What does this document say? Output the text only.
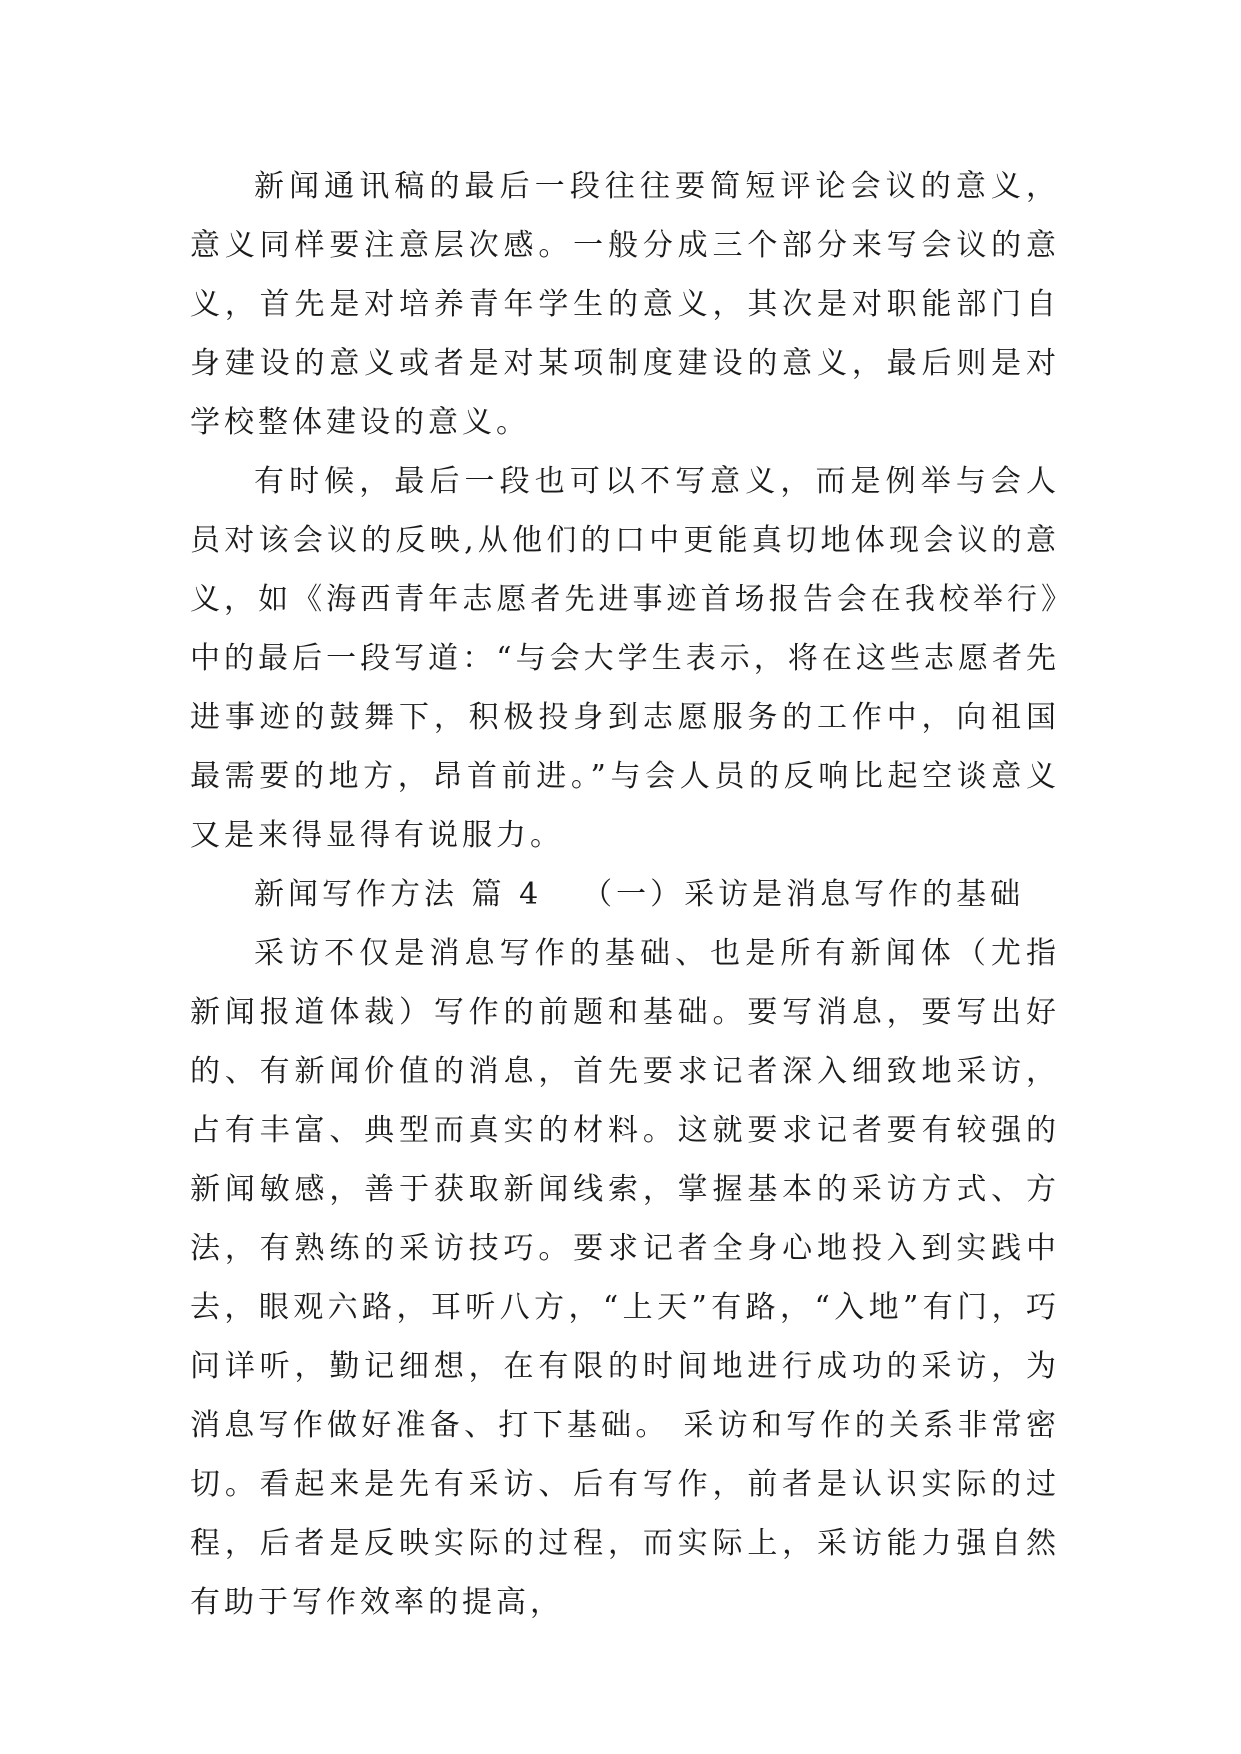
新闻通讯稿的最后一段往往要简短评论会议的意义，意义同样要注意层次感。一般分成三个部分来写会议的意义，首先是对培养青年学生的意义，其次是对职能部门自身建设的意义或者是对某项制度建设的意义，最后则是对学校整体建设的意义。

有时候，最后一段也可以不写意义，而是例举与会人员对该会议的反映,从他们的口中更能真切地体现会议的意义，如《海西青年志愿者先进事迹首场报告会在我校举行》中的最后一段写道：“与会大学生表示，将在这些志愿者先进事迹的鼓舞下，积极投身到志愿服务的工作中，向祖国最需要的地方，昂首前进。”与会人员的反响比起空谈意义又是来得显得有说服力。

新闻写作方法 篇 4 （一）采访是消息写作的基础

采访不仅是消息写作的基础、也是所有新闻体（尤指新闻报道体裁）写作的前题和基础。要写消息，要写出好的、有新闻价值的消息，首先要求记者深入细致地采访，占有丰富、典型而真实的材料。这就要求记者要有较强的新闻敏感，善于获取新闻线索，掌握基本的采访方式、方法，有熟练的采访技巧。要求记者全身心地投入到实践中去，眼观六路，耳听八方，“上天”有路，“入地”有门，巧问详听，勤记细想，在有限的时间地进行成功的采访，为消息写作做好准备、打下基础。 采访和写作的关系非常密切。看起来是先有采访、后有写作，前者是认识实际的过程，后者是反映实际的过程，而实际上，采访能力强自然有助于写作效率的提高，
